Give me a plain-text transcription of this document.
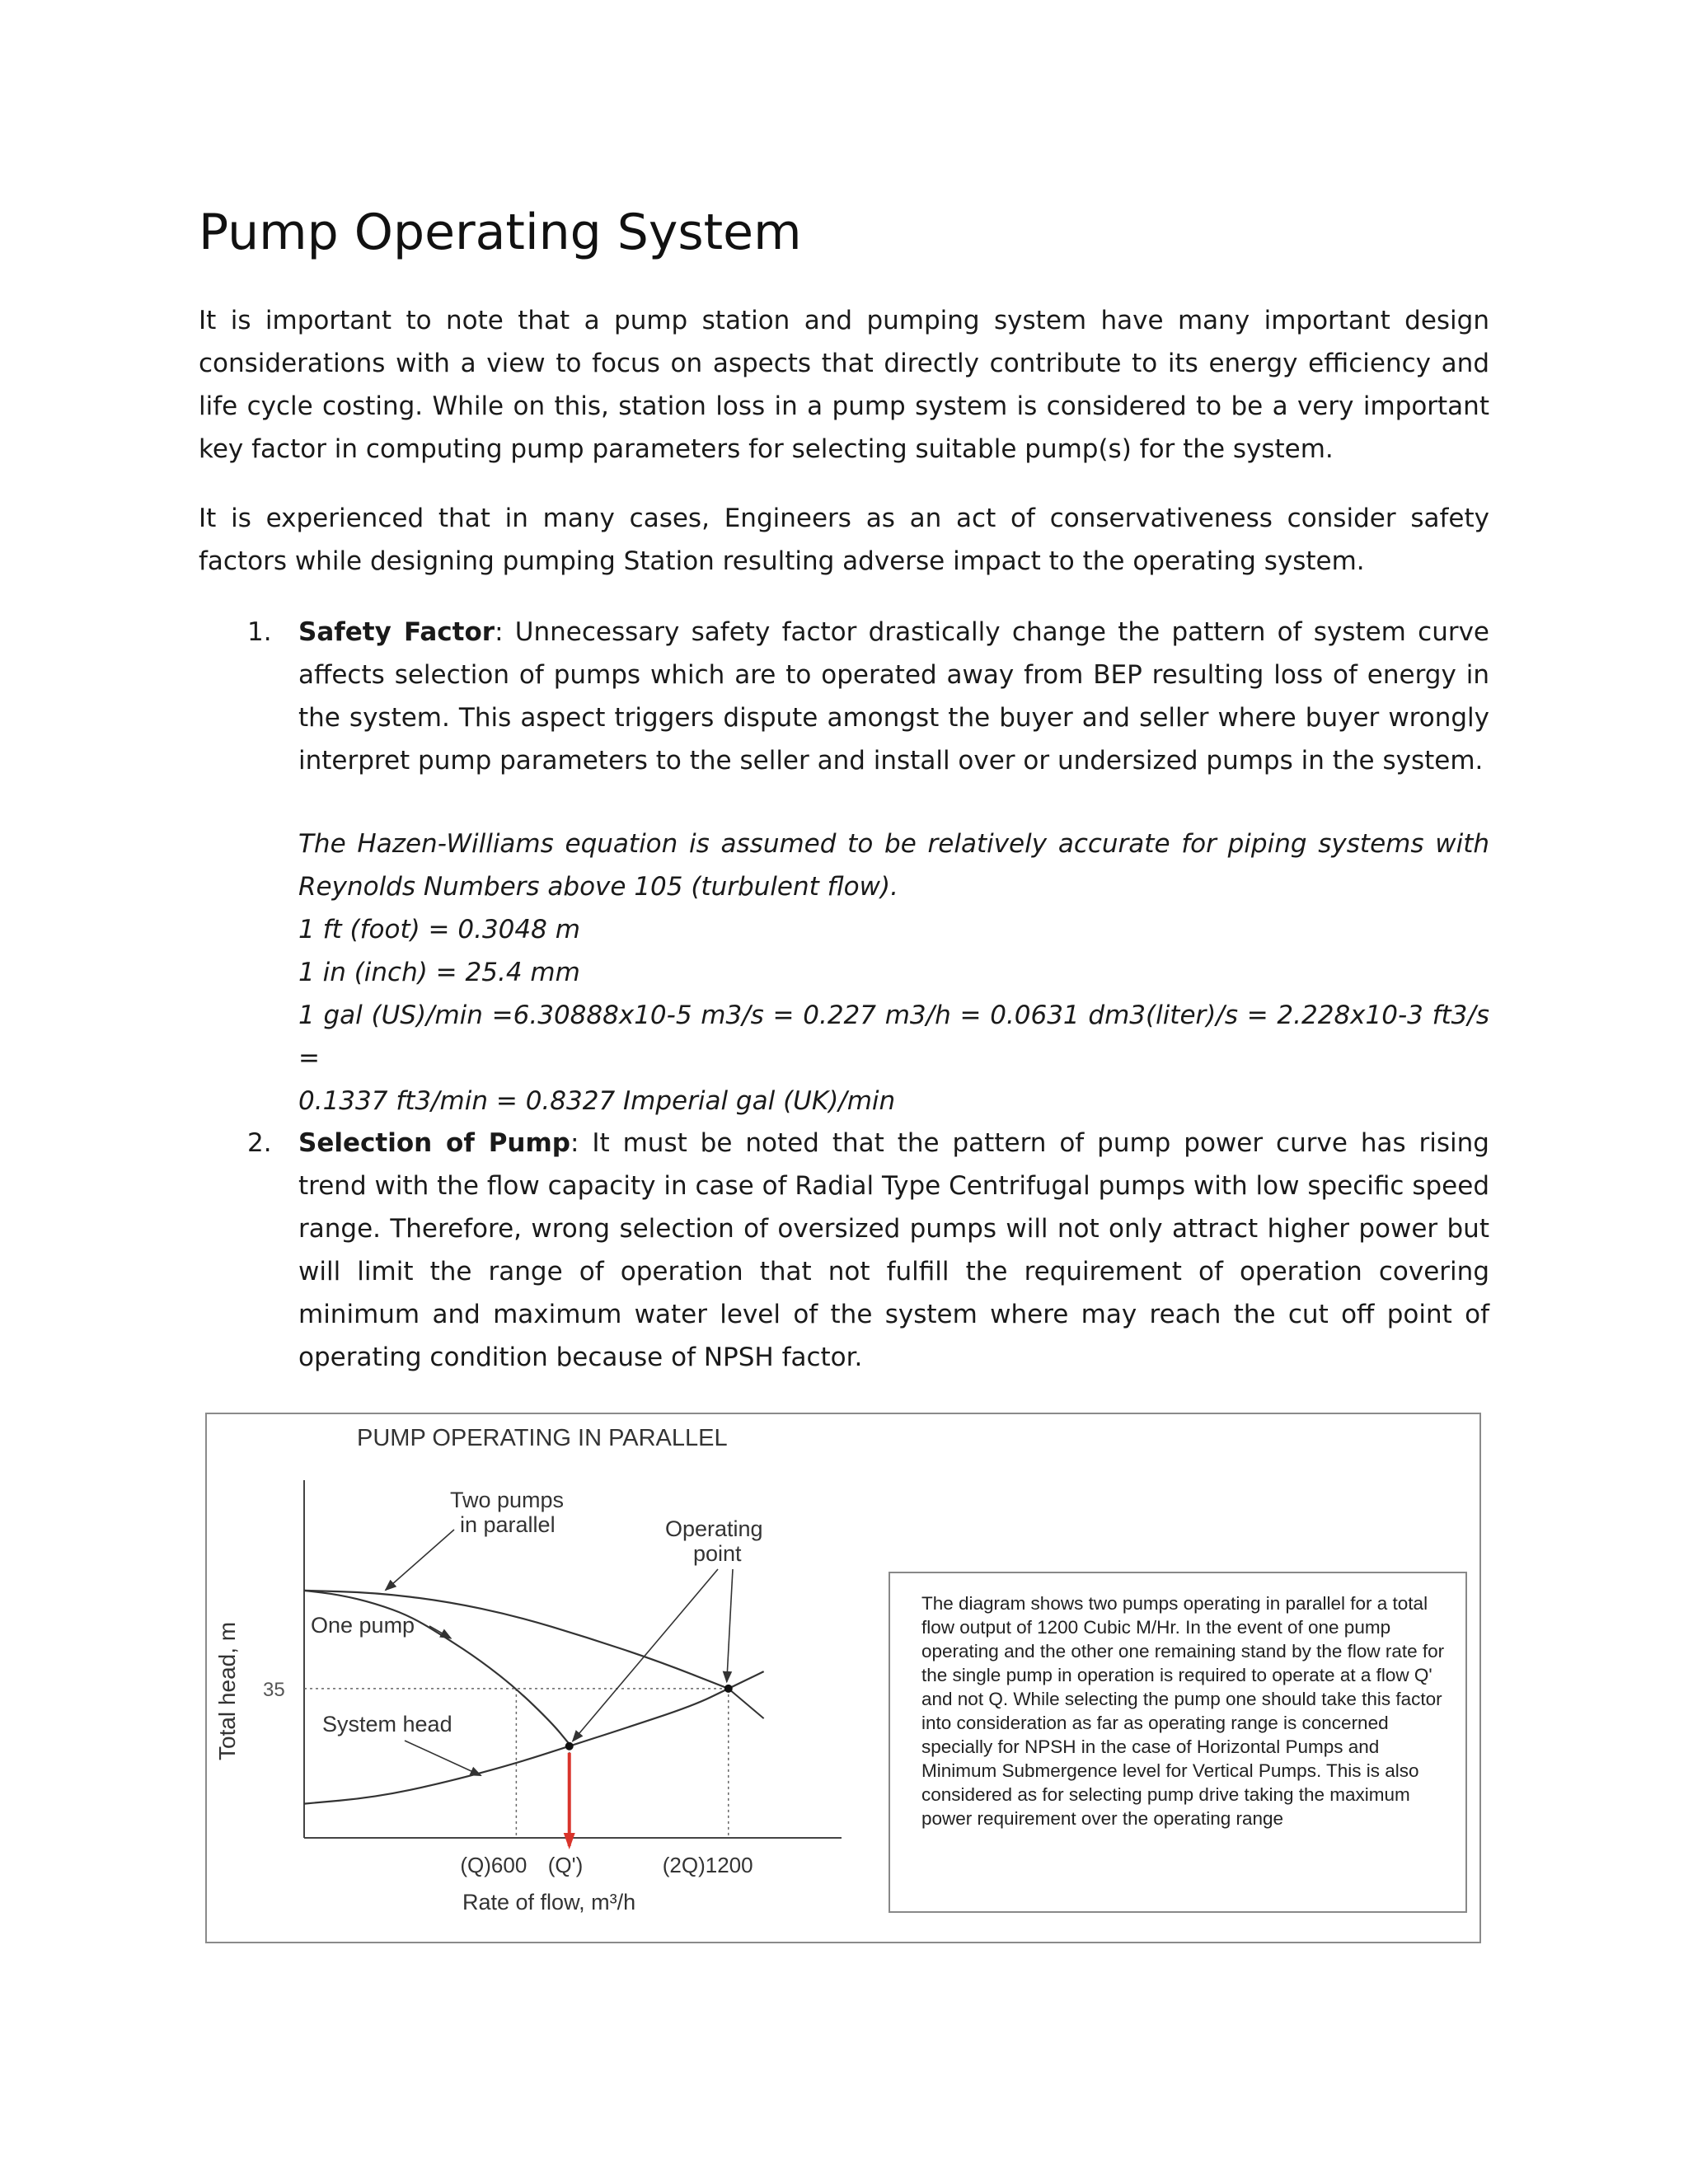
Pump Operating System

It is important to note that a pump station and pumping system have many important design considerations with a view to focus on aspects that directly contribute to its energy efficiency and life cycle costing. While on this, station loss in a pump system is considered to be a very important key factor in computing pump parameters for selecting suitable pump(s) for the system.

It is experienced that in many cases, Engineers as an act of conservativeness consider safety factors while designing pumping Station resulting adverse impact to the operating system.

1. Safety Factor: Unnecessary safety factor drastically change the pattern of system curve affects selection of pumps which are to operated away from BEP resulting loss of energy in the system. This aspect triggers dispute amongst the buyer and seller where buyer wrongly interpret pump parameters to the seller and install over or undersized pumps in the system.
The Hazen-Williams equation is assumed to be relatively accurate for piping systems with
Reynolds Numbers above 105 (turbulent flow).
1 ft (foot) = 0.3048 m
1 in (inch) = 25.4 mm
1 gal (US)/min =6.30888x10-5 m3/s = 0.227 m3/h = 0.0631 dm3(liter)/s = 2.228x10-3 ft3/s =
0.1337 ft3/min = 0.8327 Imperial gal (UK)/min
2. Selection of Pump: It must be noted that the pattern of pump power curve has rising trend with the flow capacity in case of Radial Type Centrifugal pumps with low specific speed range. Therefore, wrong selection of oversized pumps will not only attract higher power but will limit the range of operation that not fulfill the requirement of operation covering minimum and maximum water level of the system where may reach the cut off point of operating condition because of NPSH factor.
PUMP OPERATING IN PARALLEL
Total head, m 35
(Q)600 (Q')	(2Q)1200
Rate of flow, m³/h
Two pumps
in parallel
One pump
System head
Operating
point
The diagram shows two pumps operating in parallel for a total flow output of 1200 Cubic M/Hr. In the event of one pump operating and the other one remaining stand by the flow rate for the single pump in operation is required to operate at a flow Q' and not Q. While selecting the pump one should take this factor into consideration as far as operating range is concerned specially for NPSH in the case of Horizontal Pumps and Minimum Submergence level for Vertical Pumps. This is also considered as for selecting pump drive taking the maximum power requirement over the operating range
